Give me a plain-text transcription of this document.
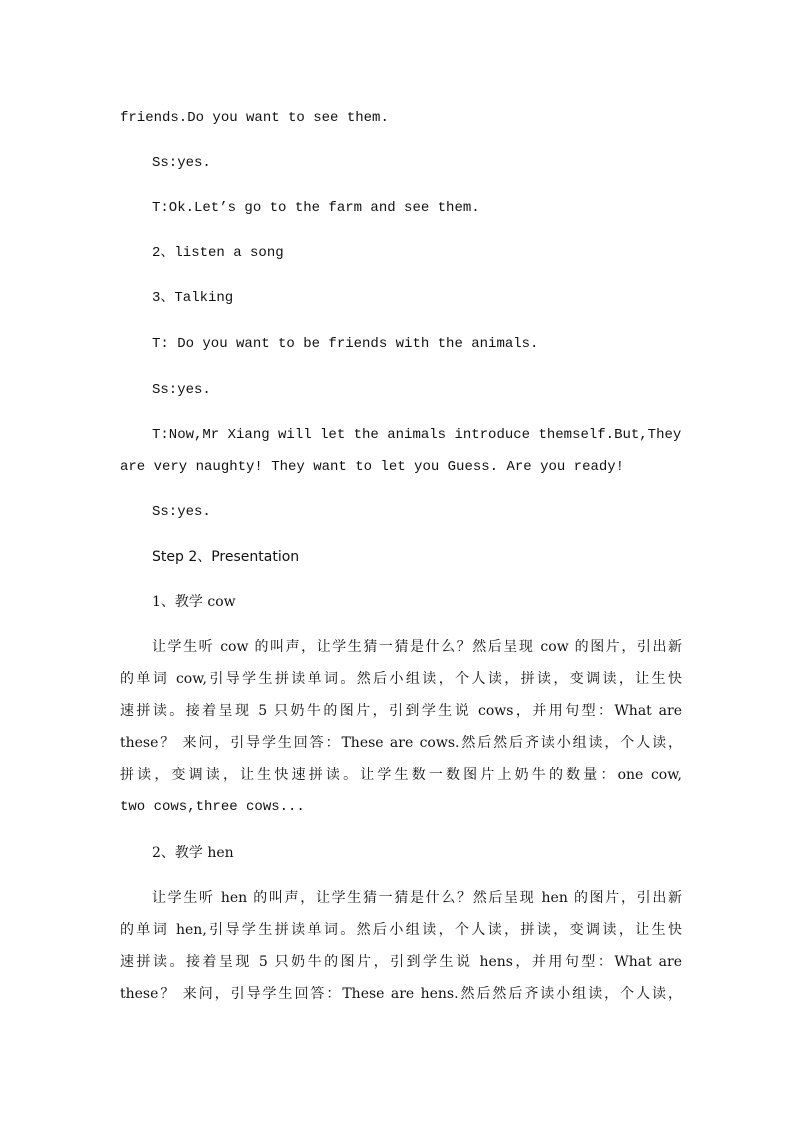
friends.Do you want to see them.
Ss:yes.
T:Ok.Let’s go to the farm and see them.
2、listen a song
3、Talking
T: Do you want to be friends with the animals.
Ss:yes.
T:Now,Mr Xiang will let the animals introduce themself.But,They
are very naughty! They want to let you Guess. Are you ready!
Ss:yes.
Step 2、Presentation
1、教学 cow
让学生听 cow 的叫声，让学生猜一猜是什么？然后呈现 cow 的图片，引出新
的单词 cow,引导学生拼读单词。然后小组读，个人读，拼读，变调读，让生快
速拼读。接着呈现 5 只奶牛的图片，引到学生说 cows，并用句型：What are
these？ 来问，引导学生回答：These are cows.然后然后齐读小组读，个人读，
拼读，变调读，让生快速拼读。让学生数一数图片上奶牛的数量：one cow,
two cows,three cows...
2、教学 hen
让学生听 hen 的叫声，让学生猜一猜是什么？然后呈现 hen 的图片，引出新
的单词 hen,引导学生拼读单词。然后小组读，个人读，拼读，变调读，让生快
速拼读。接着呈现 5 只奶牛的图片，引到学生说 hens，并用句型：What are
these？ 来问，引导学生回答：These are hens.然后然后齐读小组读，个人读，
